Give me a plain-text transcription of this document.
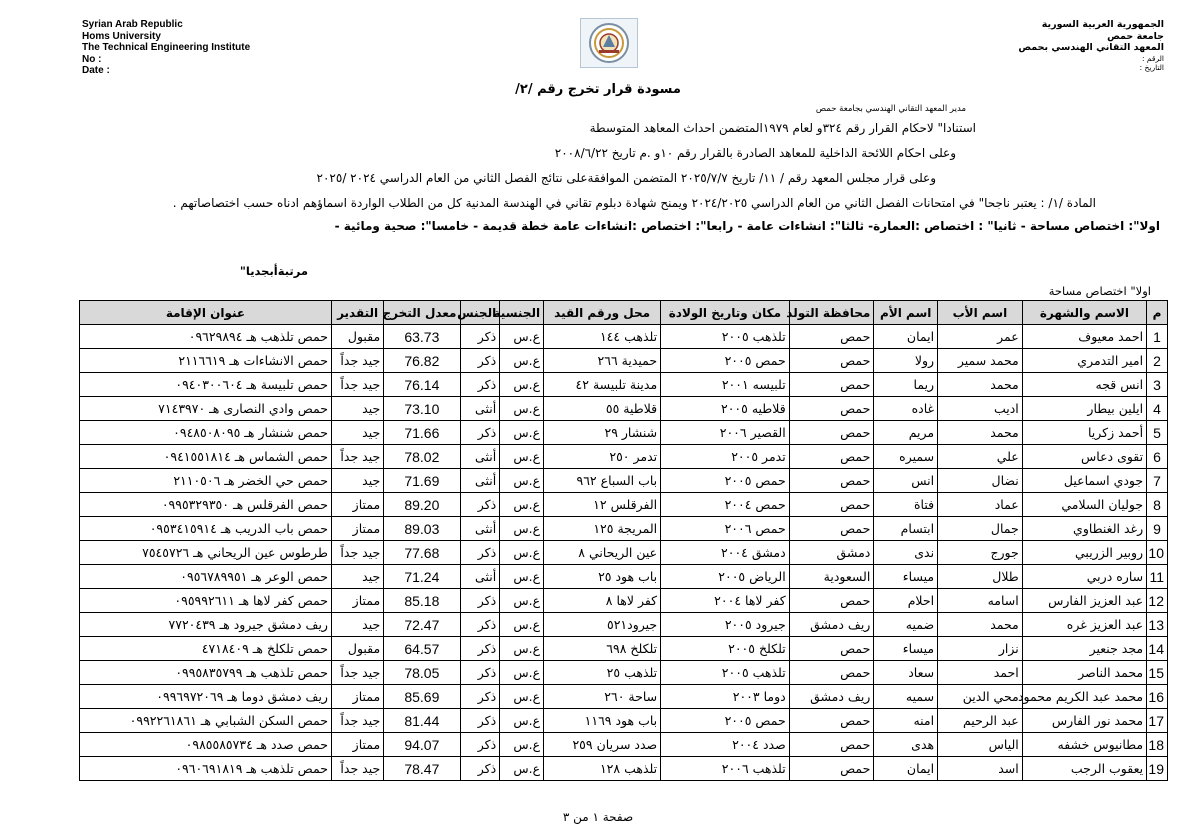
Syrian Arab Republic
Homs University
The Technical Engineering Institute
No :
Date :
الجمهورية العربية السورية
جامعة حمص
المعهد التقاني الهندسي بحمص
الرقم :
التاريخ :
مسودة قرار تخرج رقم /٢/
مدير المعهد التقاني الهندسي بجامعة حمص
استنادا" لاحكام القرار رقم ٣٢٤و لعام ١٩٧٩المتضمن احداث المعاهد المتوسطة
وعلى احكام اللائحة الداخلية للمعاهد الصادرة بالقرار رقم ١٠و .م تاريخ ٢٠٠٨/٦/٢٢
وعلى قرار مجلس المعهد رقم / ١١/ تاريخ ٢٠٢٥/٧/٧ المتضمن الموافقةعلى نتائج الفصل الثاني من العام الدراسي ٢٠٢٤ /٢٠٢٥
المادة /١/ : يعتبر ناجحا" في امتحانات الفصل الثاني من العام الدراسي ٢٠٢٤/٢٠٢٥ ويمنح شهادة دبلوم تقاني في الهندسة المدنية كل من الطلاب الواردة اسماؤهم ادناه حسب اختصاصاتهم .
اولا": اختصاص مساحة - ثانيا" : اختصاص :العمارة- ثالثا": انشاءات عامة - رابعا": اختصاص :انشاءات عامة خطة قديمة - خامسا": صحية ومائية -
مرتبةأبجديا"
اولا" اختصاص مساحة
م	الاسم والشهرة	اسم الأب	اسم الأم	محافظة التولد	مكان وتاريخ الولادة	محل ورقم القيد	الجنسية	الجنس	معدل التخرج	التقدير	عنوان الإقامة
1	احمد معيوف	عمر	ايمان	حمص	تلذهب ٢٠٠٥	تلذهب ١٤٤	ع.س	ذكر	63.73	مقبول	حمص تلذهب هـ ٠٩٦٢٩٨٩٤
2	امير التدمري	محمد سمير	رولا	حمص	حمص ٢٠٠٥	حميدية ٢٦٦	ع.س	ذكر	76.82	جيد جداً	حمص الانشاءات هـ ٢١١٦٦١٩
3	انس قجه	محمد	ريما	حمص	تلبيسه ٢٠٠١	مدينة تلبيسة ٤٢	ع.س	ذكر	76.14	جيد جداً	حمص تلبيسة هـ ٠٩٤٠٣٠٠٦٠٤
4	ايلين بيطار	اديب	غاده	حمص	قلاطيه ٢٠٠٥	قلاطية ٥٥	ع.س	أنثى	73.10	جيد	حمص وادي النصارى هـ ٧١٤٣٩٧٠
5	أحمد زكريا	محمد	مريم	حمص	القصير ٢٠٠٦	شنشار ٢٩	ع.س	ذكر	71.66	جيد	حمص شنشار هـ ٠٩٤٨٥٠٨٠٩٥
6	تقوى دعاس	علي	سميره	حمص	تدمر ٢٠٠٥	تدمر ٢٥٠	ع.س	أنثى	78.02	جيد جداً	حمص الشماس هـ ٠٩٤١٥٥١٨١٤
7	جودي اسماعيل	نضال	انس	حمص	حمص ٢٠٠٥	باب السباع ٩٦٢	ع.س	أنثى	71.69	جيد	حمص حي الخضر هـ ٢١١٠٥٠٦
8	جوليان السلامي	عماد	فتاة	حمص	حمص ٢٠٠٤	الفرقلس ١٢	ع.س	ذكر	89.20	ممتاز	حمص الفرقلس هـ ٠٩٩٥٣٢٩٣٥٠
9	رغد الغنطاوي	جمال	ابتسام	حمص	حمص ٢٠٠٦	المريجة ١٢٥	ع.س	أنثى	89.03	ممتاز	حمص باب الدريب هـ ٠٩٥٣٤١٥٩١٤
10	روبير الزريبي	جورج	ندى	دمشق	دمشق ٢٠٠٤	عين الريحاني ٨	ع.س	ذكر	77.68	جيد جداً	طرطوس عين الريحاني هـ ٧٥٤٥٧٢٦
11	ساره دربي	طلال	ميساء	السعودية	الرياض ٢٠٠٥	باب هود ٢٥	ع.س	أنثى	71.24	جيد	حمص الوعر هـ ٠٩٥٦٧٨٩٩٥١
12	عبد العزيز الفارس	اسامه	احلام	حمص	كفر لاها ٢٠٠٤	كفر لاها ٨	ع.س	ذكر	85.18	ممتاز	حمص كفر لاها هـ ٠٩٥٩٩٢٦١١
13	عبد العزيز غره	محمد	ضميه	ريف دمشق	جيرود ٢٠٠٥	جيرود٥٢١	ع.س	ذكر	72.47	جيد	ريف دمشق جيرود هـ ٧٧٢٠٤٣٩
14	مجد جنعير	نزار	ميساء	حمص	تلكلخ ٢٠٠٥	تلكلخ ٦٩٨	ع.س	ذكر	64.57	مقبول	حمص تلكلخ هـ ٤٧١٨٤٠٩
15	محمد الناصر	احمد	سعاد	حمص	تلذهب ٢٠٠٥	تلذهب ٢٥	ع.س	ذكر	78.05	جيد جداً	حمص تلذهب هـ ٠٩٩٥٨٣٥٧٩٩
16	محمد عبد الكريم محمود	محي الدين	سميه	ريف دمشق	دوما ٢٠٠٣	ساحة ٢٦٠	ع.س	ذكر	85.69	ممتاز	ريف دمشق دوما هـ ٠٩٩٦٩٧٢٠٦٩
17	محمد نور الفارس	عبد الرحيم	امنه	حمص	حمص ٢٠٠٥	باب هود ١١٦٩	ع.س	ذكر	81.44	جيد جداً	حمص السكن الشبابي هـ ٠٩٩٢٢٦١٨٦١
18	مطانيوس خشفه	الياس	هدى	حمص	صدد ٢٠٠٤	صدد سريان ٢٥٩	ع.س	ذكر	94.07	ممتاز	حمص صدد هـ ٠٩٨٥٥٨٥٧٣٤
19	يعقوب الرجب	اسد	ايمان	حمص	تلذهب ٢٠٠٦	تلذهب ١٢٨	ع.س	ذكر	78.47	جيد جداً	حمص تلذهب هـ ٠٩٦٠٦٩١٨١٩
صفحة ١ من ٣
